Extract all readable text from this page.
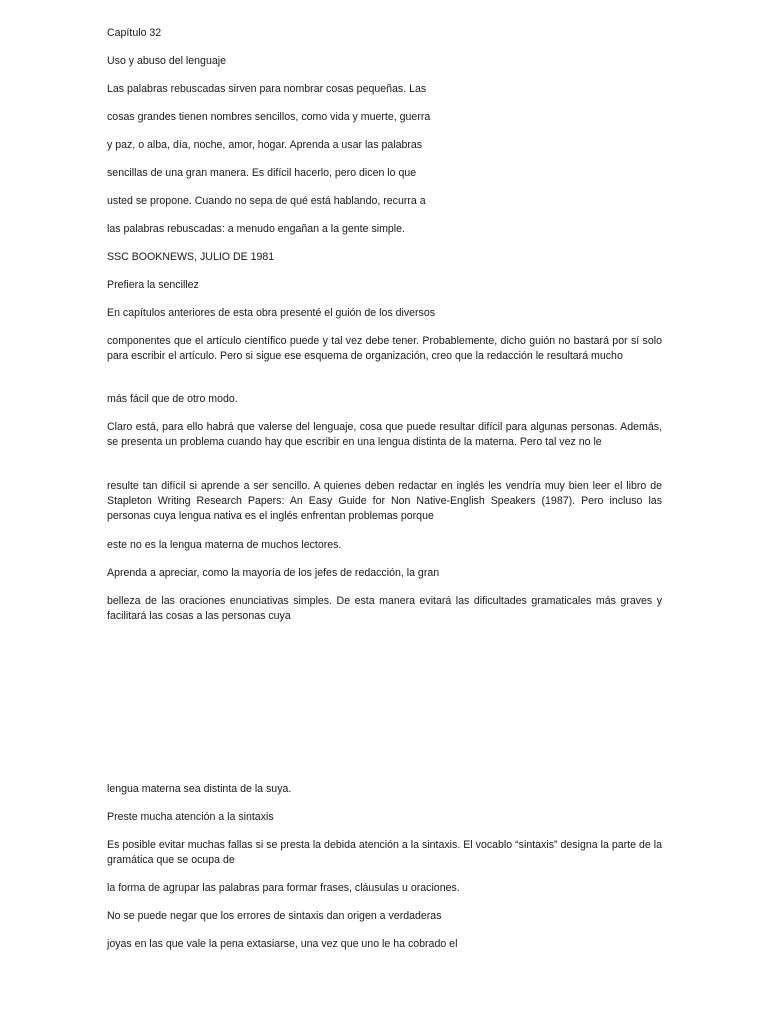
Capítulo 32

Uso y abuso del lenguaje

Las palabras rebuscadas sirven para nombrar cosas pequeñas. Las

cosas grandes tienen nombres sencillos, como vida y muerte, guerra

y paz, o alba, día, noche, amor, hogar. Aprenda a usar las palabras

sencillas de una gran manera. Es difícil hacerlo, pero dicen lo que

usted se propone. Cuando no sepa de qué está hablando, recurra a

las palabras rebuscadas: a menudo engañan a la gente simple.

SSC BOOKNEWS, JULIO DE 1981

Prefiera la sencillez

En capítulos anteriores de esta obra presenté el guión de los diversos

componentes que el artículo científico puede y tal vez debe tener. Probablemente, dicho guión no bastará por sí solo para escribir el artículo. Pero si sigue ese esquema de organización, creo que la redacción le resultará mucho

más fácil que de otro modo.

Claro está, para ello habrá que valerse del lenguaje, cosa que puede resultar difícil para algunas personas. Además, se presenta un problema cuando hay que escribir en una lengua distinta de la materna. Pero tal vez no le

resulte tan difícil si aprende a ser sencillo. A quienes deben redactar en inglés les vendría muy bien leer el libro de Stapleton Writing Research Papers: An Easy Guide for Non Native-English Speakers (1987). Pero incluso las personas cuya lengua nativa es el inglés enfrentan problemas porque

este no es la lengua materna de muchos lectores.

Aprenda a apreciar, como la mayoría de los jefes de redacción, la gran

belleza de las oraciones enunciativas simples. De esta manera evitará las dificultades gramaticales más graves y facilitará las cosas a las personas cuya

lengua materna sea distinta de la suya.

Preste mucha atención a la sintaxis

Es posible evitar muchas fallas si se presta la debida atención a la sintaxis. El vocablo “sintaxis” designa la parte de la gramática que se ocupa de

la forma de agrupar las palabras para formar frases, cláusulas u oraciones.

No se puede negar que los errores de sintaxis dan origen a verdaderas

joyas en las que vale la pena extasiarse, una vez que uno le ha cobrado el
